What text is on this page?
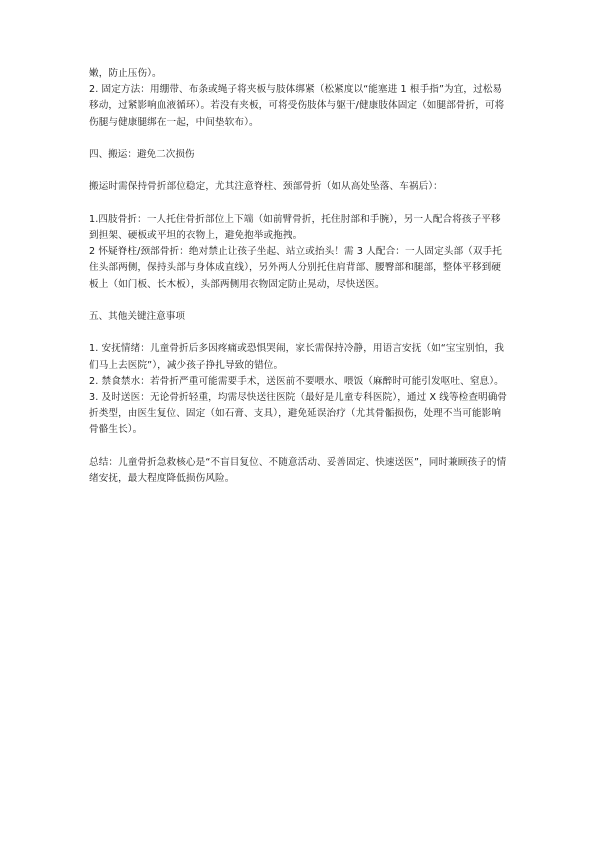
嫩，防止压伤）。

2. 固定方法：用绷带、布条或绳子将夹板与肢体绑紧（松紧度以“能塞进 1 根手指”为宜，过松易移动，过紧影响血液循环）。若没有夹板，可将受伤肢体与躯干/健康肢体固定（如腿部骨折，可将伤腿与健康腿绑在一起，中间垫软布）。

四、搬运：避免二次损伤

搬运时需保持骨折部位稳定，尤其注意脊柱、颈部骨折（如从高处坠落、车祸后）：

1.四肢骨折：一人托住骨折部位上下端（如前臂骨折，托住肘部和手腕），另一人配合将孩子平移到担架、硬板或平坦的衣物上，避免抱举或拖拽。

2 怀疑脊柱/颈部骨折：绝对禁止让孩子坐起、站立或抬头！需 3 人配合：一人固定头部（双手托住头部两侧，保持头部与身体成直线），另外两人分别托住肩背部、腰臀部和腿部，整体平移到硬板上（如门板、长木板），头部两侧用衣物固定防止晃动，尽快送医。

五、其他关键注意事项

1. 安抚情绪：儿童骨折后多因疼痛或恐惧哭闹，家长需保持冷静，用语言安抚（如“宝宝别怕，我们马上去医院”），减少孩子挣扎导致的错位。

2. 禁食禁水：若骨折严重可能需要手术，送医前不要喂水、喂饭（麻醉时可能引发呕吐、窒息）。

3. 及时送医：无论骨折轻重，均需尽快送往医院（最好是儿童专科医院），通过 X 线等检查明确骨折类型，由医生复位、固定（如石膏、支具），避免延误治疗（尤其骨骺损伤，处理不当可能影响骨骼生长）。

总结：儿童骨折急救核心是“不盲目复位、不随意活动、妥善固定、快速送医”，同时兼顾孩子的情绪安抚，最大程度降低损伤风险。
